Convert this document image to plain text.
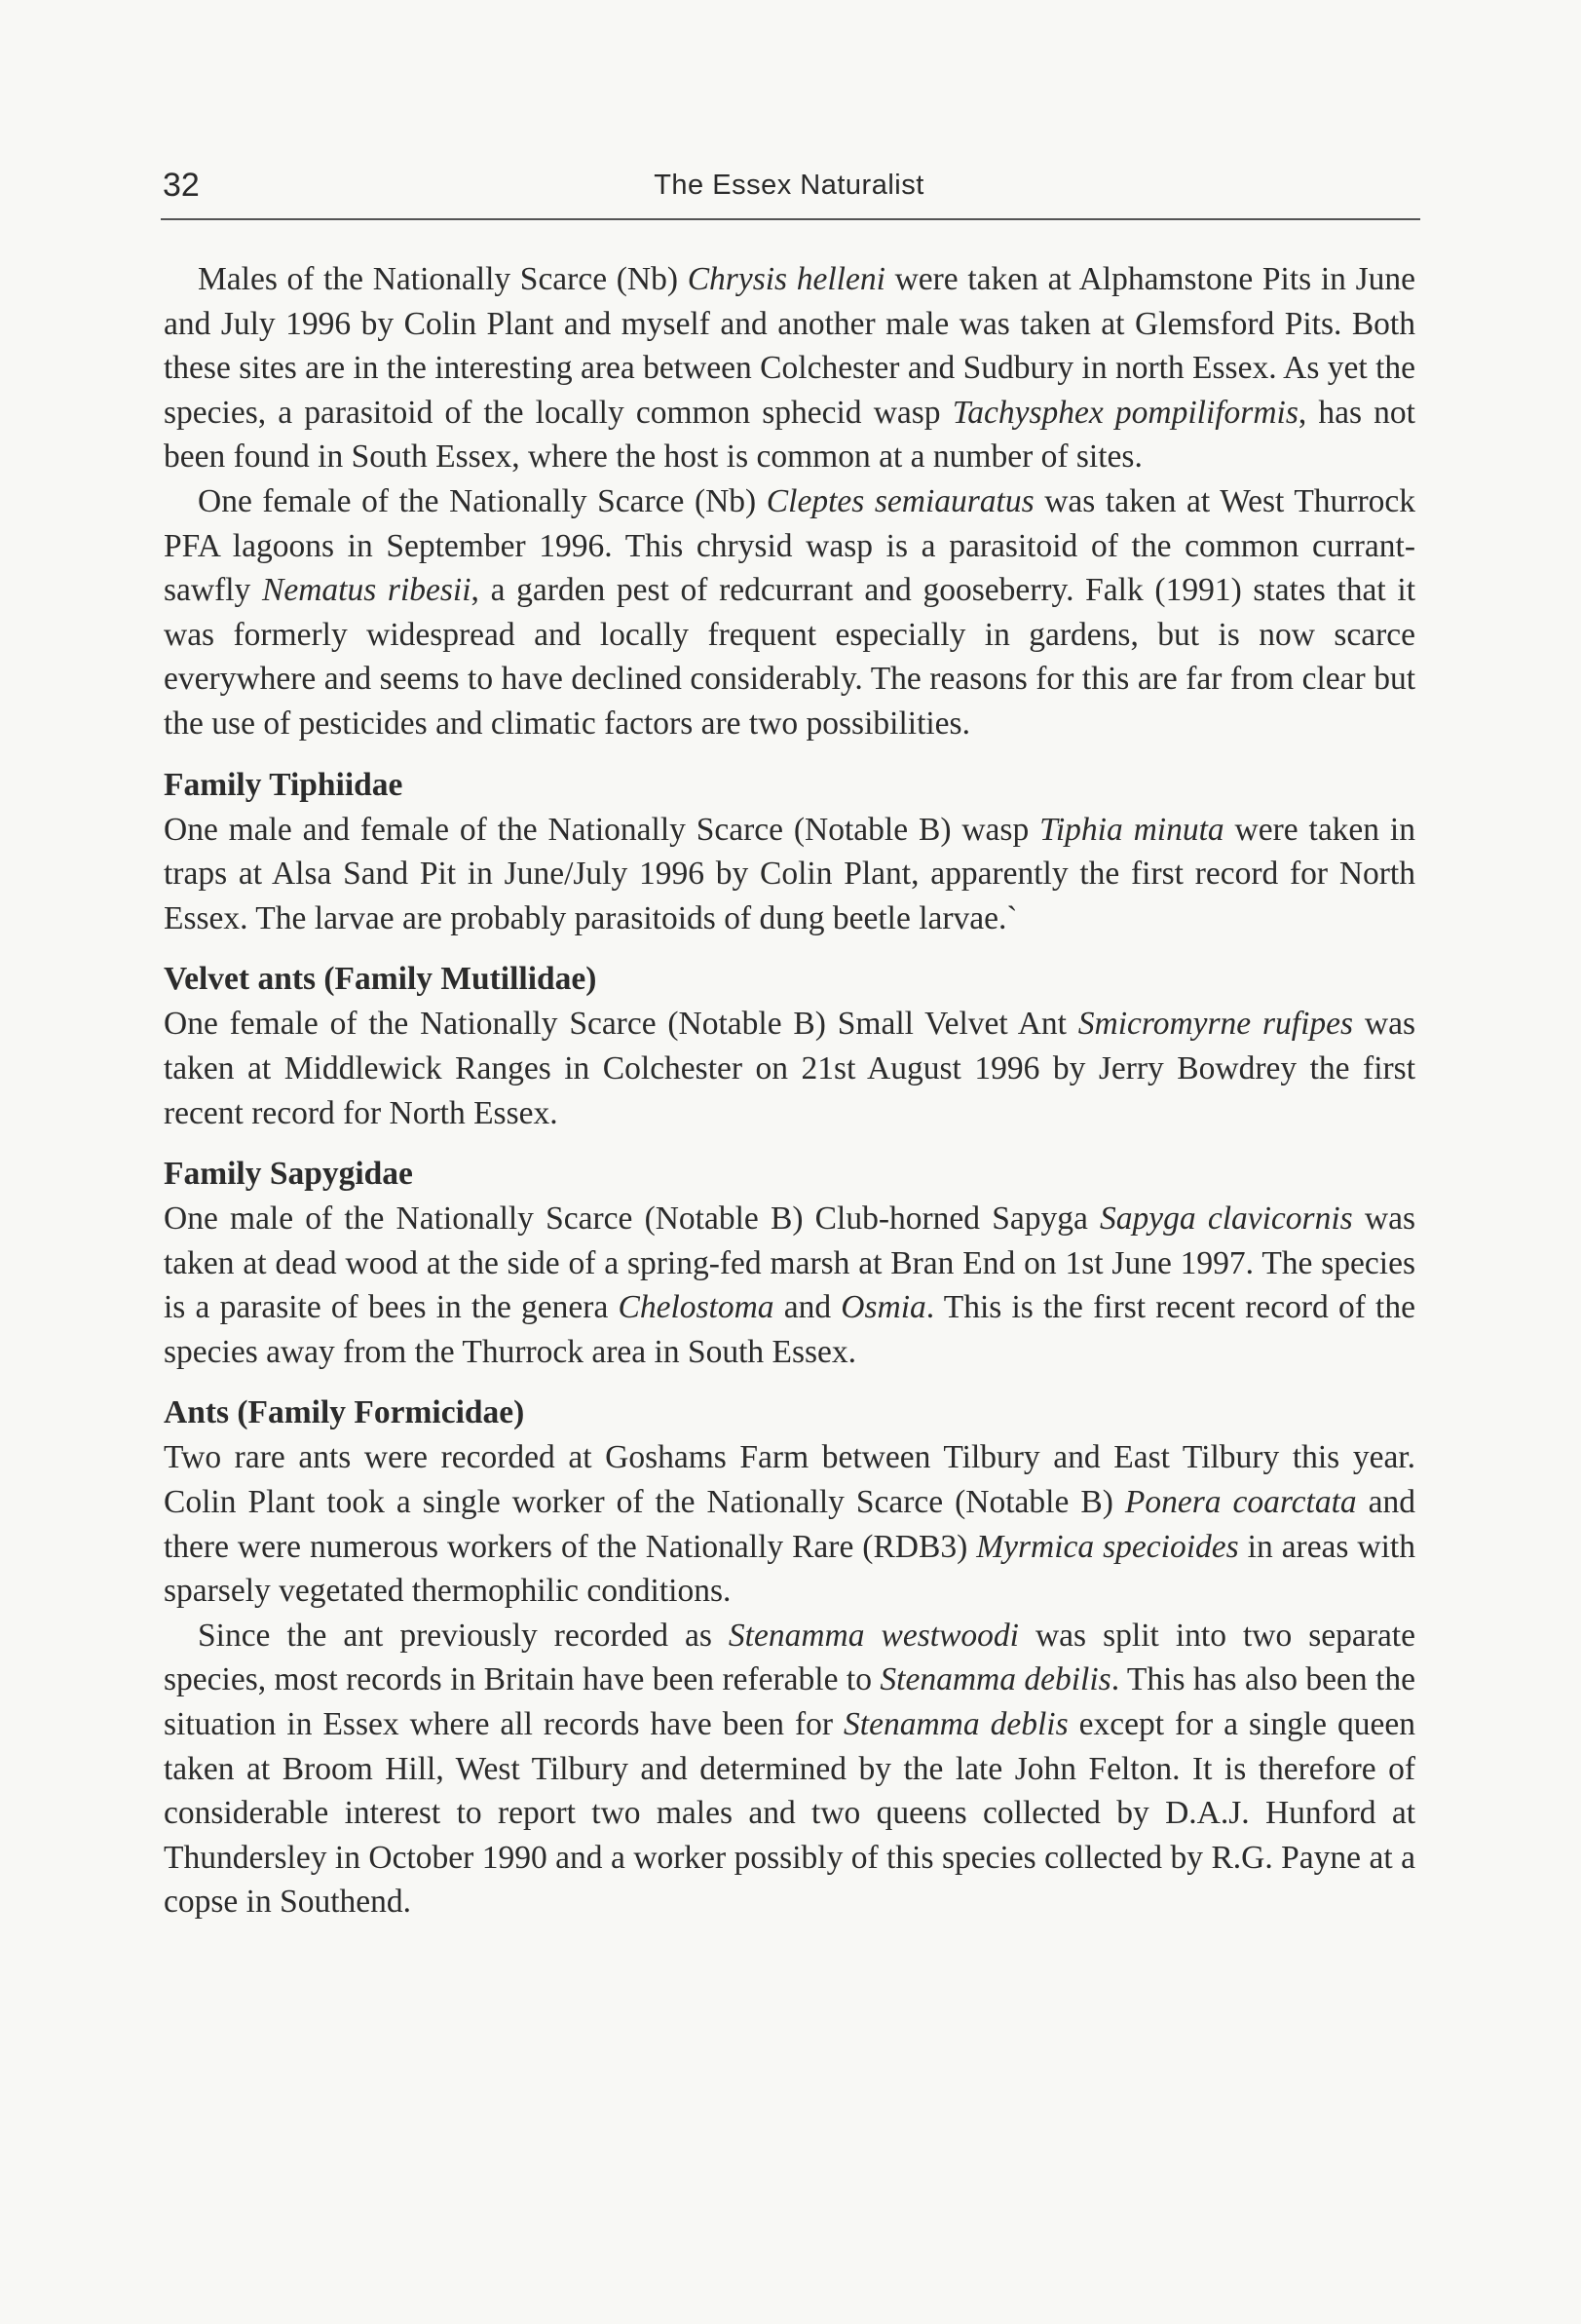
32	The Essex Naturalist

Males of the Nationally Scarce (Nb) Chrysis helleni were taken at Alphamstone Pits in June and July 1996 by Colin Plant and myself and another male was taken at Glemsford Pits. Both these sites are in the interesting area between Colchester and Sudbury in north Essex. As yet the species, a parasitoid of the locally common sphecid wasp Tachysphex pompiliformis, has not been found in South Essex, where the host is common at a number of sites.

One female of the Nationally Scarce (Nb) Cleptes semiauratus was taken at West Thurrock PFA lagoons in September 1996. This chrysid wasp is a parasitoid of the common currant-sawfly Nematus ribesii, a garden pest of redcurrant and gooseberry. Falk (1991) states that it was formerly widespread and locally frequent especially in gardens, but is now scarce everywhere and seems to have declined considerably. The reasons for this are far from clear but the use of pesticides and climatic factors are two possibilities.

Family Tiphiidae

One male and female of the Nationally Scarce (Notable B) wasp Tiphia minuta were taken in traps at Alsa Sand Pit in June/July 1996 by Colin Plant, apparently the first record for North Essex. The larvae are probably parasitoids of dung beetle larvae.`

Velvet ants (Family Mutillidae)

One female of the Nationally Scarce (Notable B) Small Velvet Ant Smicromyrne rufipes was taken at Middlewick Ranges in Colchester on 21st August 1996 by Jerry Bowdrey the first recent record for North Essex.

Family Sapygidae

One male of the Nationally Scarce (Notable B) Club-horned Sapyga Sapyga clavicornis was taken at dead wood at the side of a spring-fed marsh at Bran End on 1st June 1997. The species is a parasite of bees in the genera Chelostoma and Osmia. This is the first recent record of the species away from the Thurrock area in South Essex.

Ants (Family Formicidae)

Two rare ants were recorded at Goshams Farm between Tilbury and East Tilbury this year. Colin Plant took a single worker of the Nationally Scarce (Notable B) Ponera coarctata and there were numerous workers of the Nationally Rare (RDB3) Myrmica specioides in areas with sparsely vegetated thermophilic conditions.

Since the ant previously recorded as Stenamma westwoodi was split into two separate species, most records in Britain have been referable to Stenamma debilis. This has also been the situation in Essex where all records have been for Stenamma deblis except for a single queen taken at Broom Hill, West Tilbury and determined by the late John Felton. It is therefore of considerable interest to report two males and two queens collected by D.A.J. Hunford at Thundersley in October 1990 and a worker possibly of this species collected by R.G. Payne at a copse in Southend.
